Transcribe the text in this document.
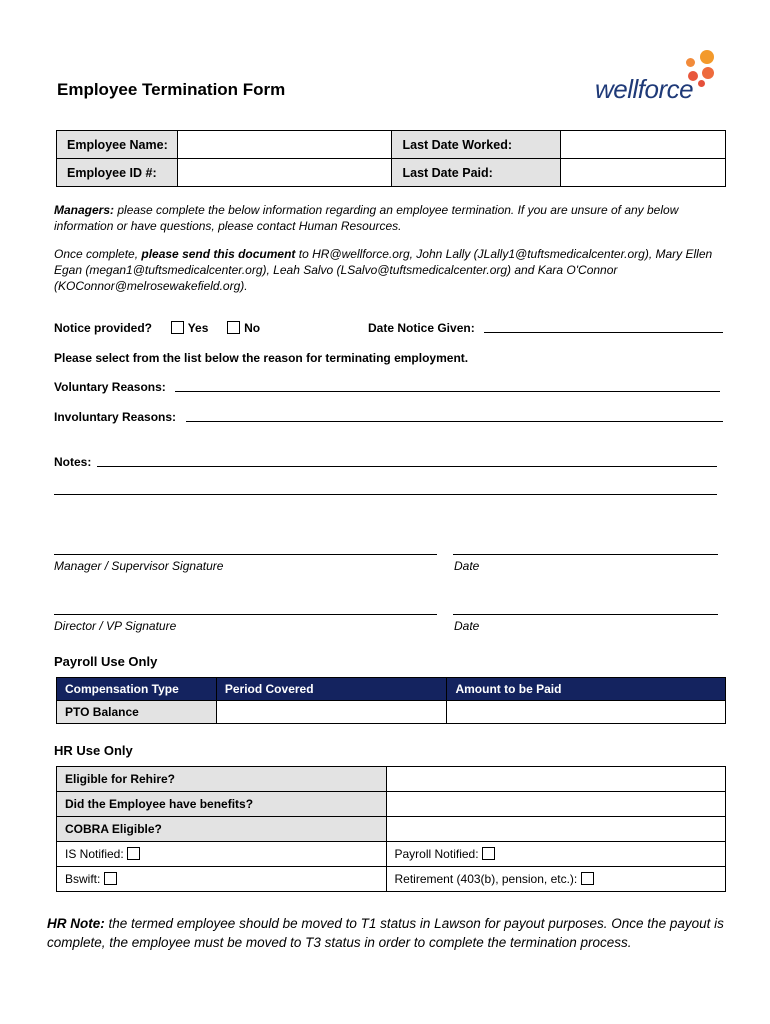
Employee Termination Form	wellforce
Employee Name:		Last Date Worked:	
Employee ID #:		Last Date Paid:	
Managers: please complete the below information regarding an employee termination. If you are unsure of any below information or have questions, please contact Human Resources.
Once complete, please send this document to HR@wellforce.org, John Lally (JLally1@tuftsmedicalcenter.org), Mary Ellen Egan (megan1@tuftsmedicalcenter.org), Leah Salvo (LSalvo@tuftsmedicalcenter.org) and Kara O'Connor (KOConnor@melrosewakefield.org).
Notice provided?	Yes	No	Date Notice Given:
Please select from the list below the reason for terminating employment.
Voluntary Reasons:
Involuntary Reasons:
Notes:
Manager / Supervisor Signature	Date
Director / VP Signature	Date
Payroll Use Only
Compensation Type	Period Covered	Amount to be Paid
PTO Balance		
HR Use Only
Eligible for Rehire?	
Did the Employee have benefits?	
COBRA Eligible?	
IS Notified:	Payroll Notified:
Bswift:	Retirement (403(b), pension, etc.):
HR Note: the termed employee should be moved to T1 status in Lawson for payout purposes. Once the payout is complete, the employee must be moved to T3 status in order to complete the termination process.
